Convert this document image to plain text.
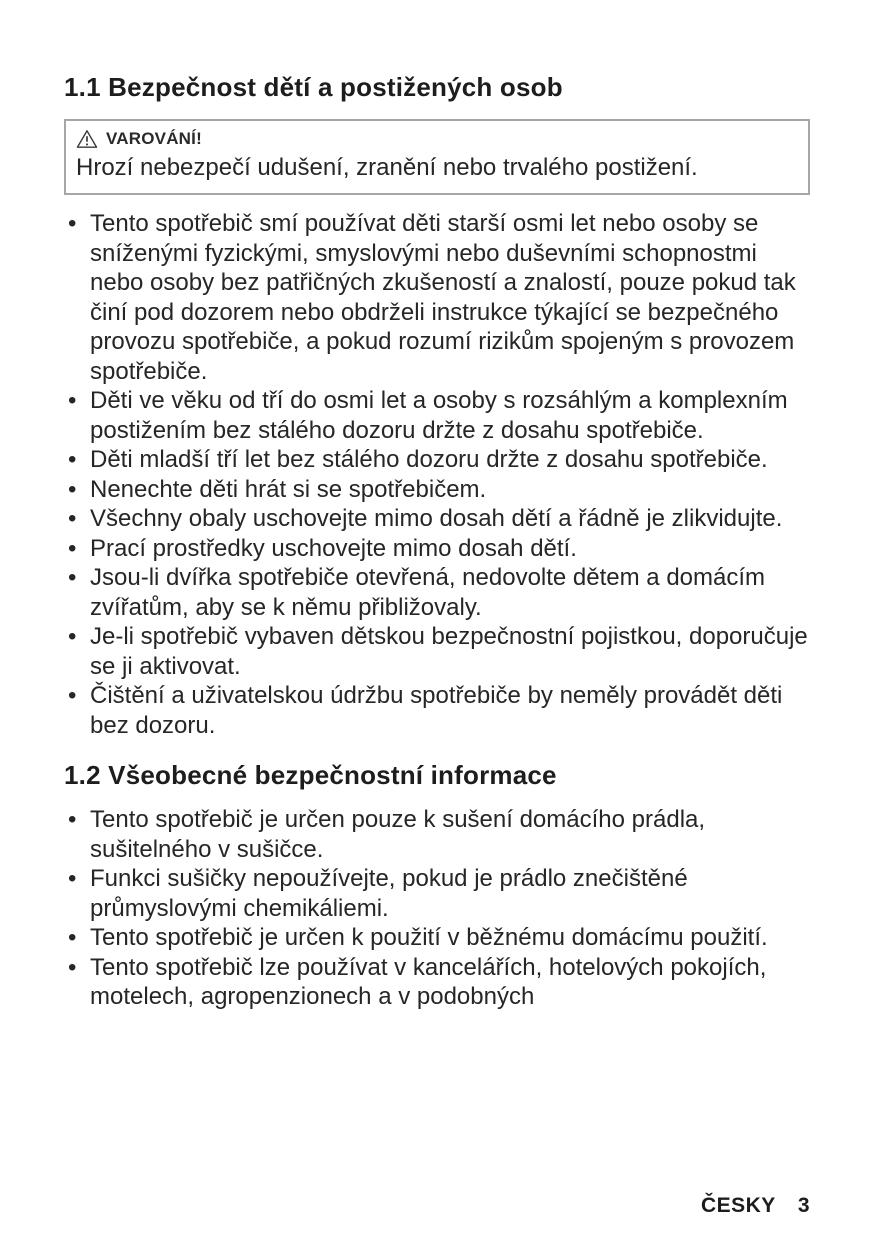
1.1 Bezpečnost dětí a postižených osob
VAROVÁNÍ!
Hrozí nebezpečí udušení, zranění nebo trvalého postižení.
• Tento spotřebič smí používat děti starší osmi let nebo osoby se sníženými fyzickými, smyslovými nebo duševními schopnostmi nebo osoby bez patřičných zkušeností a znalostí, pouze pokud tak činí pod dozorem nebo obdrželi instrukce týkající se bezpečného provozu spotřebiče, a pokud rozumí rizikům spojeným s provozem spotřebiče.
• Děti ve věku od tří do osmi let a osoby s rozsáhlým a komplexním postižením bez stálého dozoru držte z dosahu spotřebiče.
• Děti mladší tří let bez stálého dozoru držte z dosahu spotřebiče.
• Nenechte děti hrát si se spotřebičem.
• Všechny obaly uschovejte mimo dosah dětí a řádně je zlikvidujte.
• Prací prostředky uschovejte mimo dosah dětí.
• Jsou-li dvířka spotřebiče otevřená, nedovolte dětem a domácím zvířatům, aby se k němu přibližovaly.
• Je-li spotřebič vybaven dětskou bezpečnostní pojistkou, doporučuje se ji aktivovat.
• Čištění a uživatelskou údržbu spotřebiče by neměly provádět děti bez dozoru.
1.2 Všeobecné bezpečnostní informace
• Tento spotřebič je určen pouze k sušení domácího prádla, sušitelného v sušičce.
• Funkci sušičky nepoužívejte, pokud je prádlo znečištěné průmyslovými chemikáliemi.
• Tento spotřebič je určen k použití v běžnému domácímu použití.
• Tento spotřebič lze používat v kancelářích, hotelových pokojích, motelech, agropenzionech a v podobných
ČESKY 3
